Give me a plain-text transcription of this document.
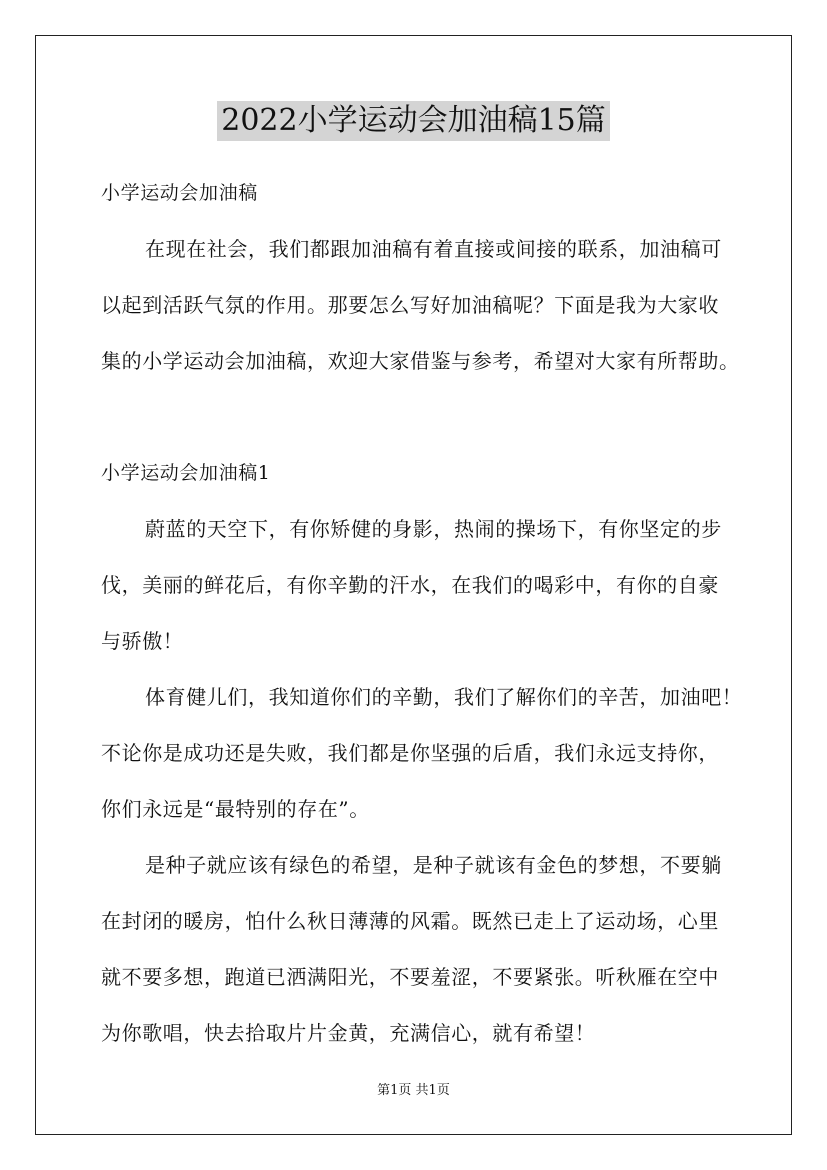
2022小学运动会加油稿15篇
小学运动会加油稿
在现在社会，我们都跟加油稿有着直接或间接的联系，加油稿可
以起到活跃气氛的作用。那要怎么写好加油稿呢？下面是我为大家收
集的小学运动会加油稿，欢迎大家借鉴与参考，希望对大家有所帮助。
小学运动会加油稿1
蔚蓝的天空下，有你矫健的身影，热闹的操场下，有你坚定的步
伐，美丽的鲜花后，有你辛勤的汗水，在我们的喝彩中，有你的自豪
与骄傲！
体育健儿们，我知道你们的辛勤，我们了解你们的辛苦，加油吧！
不论你是成功还是失败，我们都是你坚强的后盾，我们永远支持你，
你们永远是“最特别的存在”。
是种子就应该有绿色的希望，是种子就该有金色的梦想，不要躺
在封闭的暖房，怕什么秋日薄薄的风霜。既然已走上了运动场，心里
就不要多想，跑道已洒满阳光，不要羞涩，不要紧张。听秋雁在空中
为你歌唱，快去拾取片片金黄，充满信心，就有希望！
第1页 共1页
